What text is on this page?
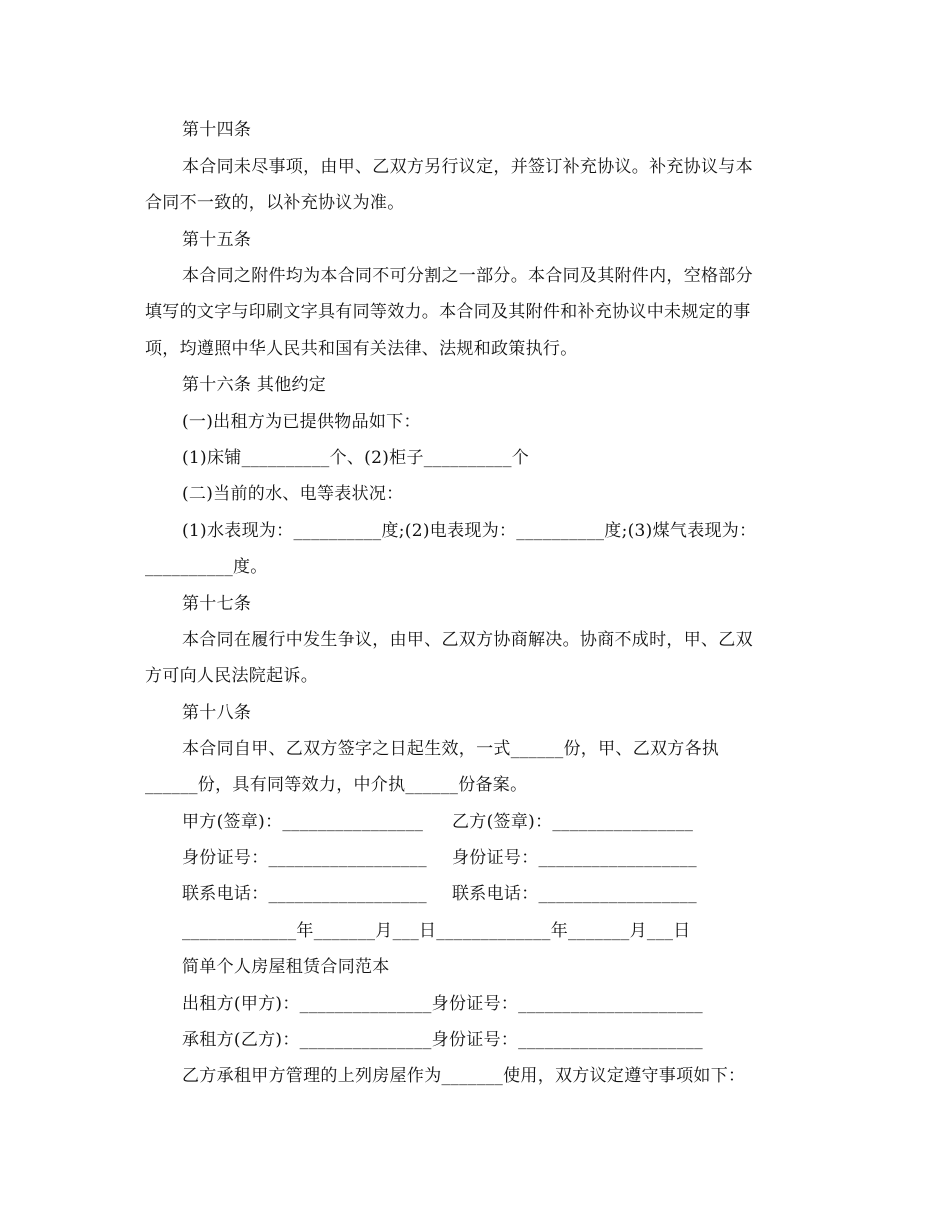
第十四条
本合同未尽事项，由甲、乙双方另行议定，并签订补充协议。补充协议与本
合同不一致的，以补充协议为准。
第十五条
本合同之附件均为本合同不可分割之一部分。本合同及其附件内，空格部分
填写的文字与印刷文字具有同等效力。本合同及其附件和补充协议中未规定的事
项，均遵照中华人民共和国有关法律、法规和政策执行。
第十六条 其他约定
(一)出租方为已提供物品如下：
(1)床铺__________个、(2)柜子__________个
(二)当前的水、电等表状况：
(1)水表现为：__________度;(2)电表现为：__________度;(3)煤气表现为：
__________度。
第十七条
本合同在履行中发生争议，由甲、乙双方协商解决。协商不成时，甲、乙双
方可向人民法院起诉。
第十八条
本合同自甲、乙双方签字之日起生效，一式______份，甲、乙双方各执
______份，具有同等效力，中介执______份备案。
甲方(签章)：________________ 乙方(签章)：________________
身份证号：__________________ 身份证号：__________________
联系电话：__________________ 联系电话：__________________
_____________年_______月___日_____________年_______月___日
简单个人房屋租赁合同范本
出租方(甲方)：_______________身份证号：_____________________
承租方(乙方)：_______________身份证号：_____________________
乙方承租甲方管理的上列房屋作为_______使用，双方议定遵守事项如下：
